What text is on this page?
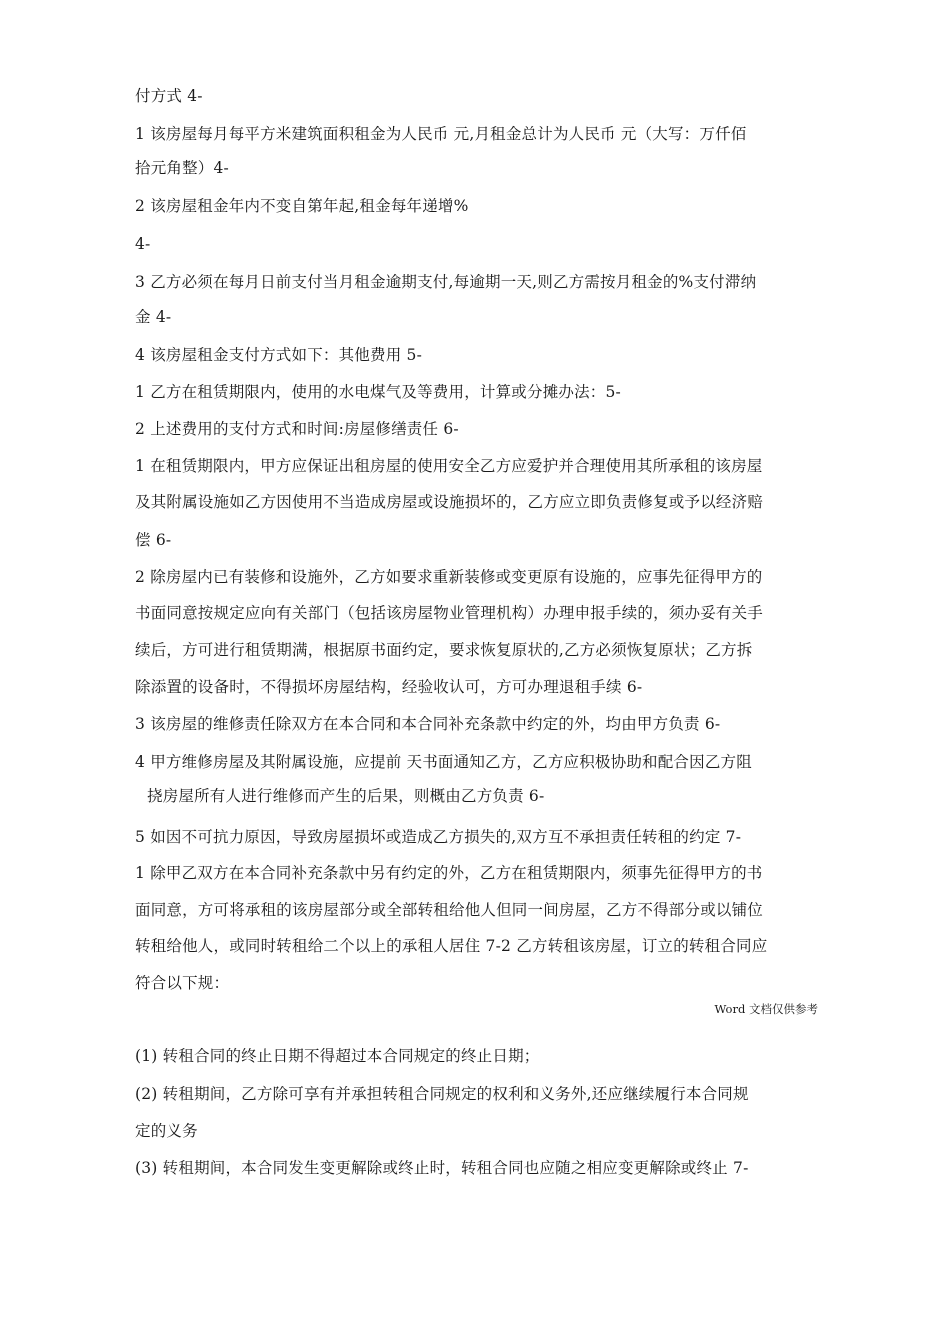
付方式 4-
1 该房屋每月每平方米建筑面积租金为人民币 元,月租金总计为人民币 元（大写：万仟佰
拾元角整）4-
2 该房屋租金年内不变自第年起,租金每年递增%
4-
3 乙方必须在每月日前支付当月租金逾期支付,每逾期一天,则乙方需按月租金的%支付滞纳
金 4-
4 该房屋租金支付方式如下：其他费用 5-
1 乙方在租赁期限内，使用的水电煤气及等费用，计算或分摊办法：5-
2 上述费用的支付方式和时间:房屋修缮责任 6-
1 在租赁期限内，甲方应保证出租房屋的使用安全乙方应爱护并合理使用其所承租的该房屋
及其附属设施如乙方因使用不当造成房屋或设施损坏的，乙方应立即负责修复或予以经济赔
偿 6-
2 除房屋内已有装修和设施外，乙方如要求重新装修或变更原有设施的，应事先征得甲方的
书面同意按规定应向有关部门（包括该房屋物业管理机构）办理申报手续的，须办妥有关手
续后，方可进行租赁期满，根据原书面约定，要求恢复原状的,乙方必须恢复原状；乙方拆
除添置的设备时，不得损坏房屋结构，经验收认可，方可办理退租手续 6-
3 该房屋的维修责任除双方在本合同和本合同补充条款中约定的外，均由甲方负责 6-
4 甲方维修房屋及其附属设施，应提前 天书面通知乙方，乙方应积极协助和配合因乙方阻
挠房屋所有人进行维修而产生的后果，则概由乙方负责 6-
5 如因不可抗力原因，导致房屋损坏或造成乙方损失的,双方互不承担责任转租的约定 7-
1 除甲乙双方在本合同补充条款中另有约定的外，乙方在租赁期限内，须事先征得甲方的书
面同意，方可将承租的该房屋部分或全部转租给他人但同一间房屋，乙方不得部分或以铺位
转租给他人，或同时转租给二个以上的承租人居住 7-2 乙方转租该房屋，订立的转租合同应
符合以下规：
Word 文档仅供参考
(1) 转租合同的终止日期不得超过本合同规定的终止日期；
(2) 转租期间，乙方除可享有并承担转租合同规定的权利和义务外,还应继续履行本合同规
定的义务
(3) 转租期间，本合同发生变更解除或终止时，转租合同也应随之相应变更解除或终止 7-
